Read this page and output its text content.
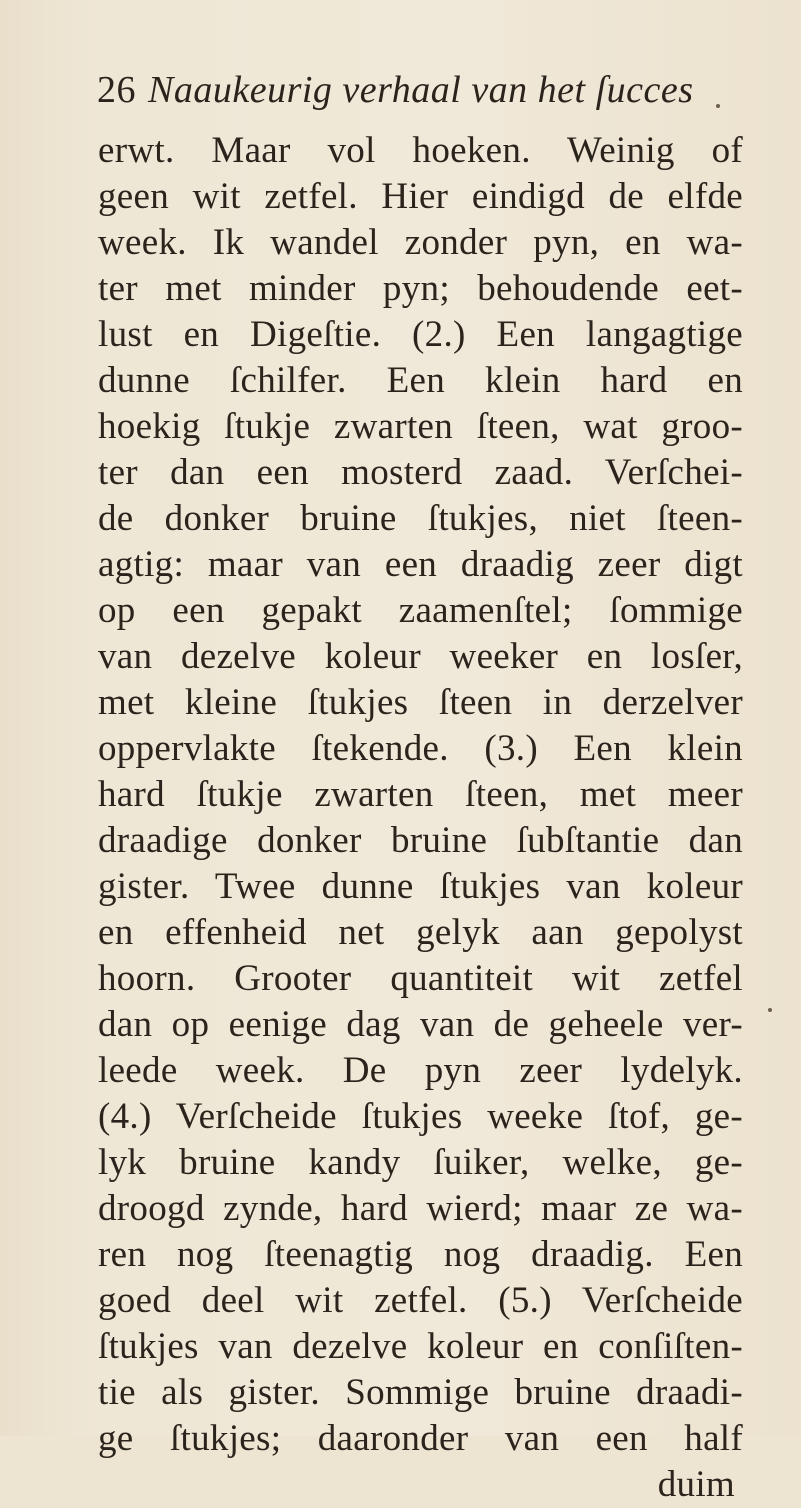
26 Naaukeurig verhaal van het ſucces
erwt. Maar vol hoeken. Weinig of
geen wit zetfel. Hier eindigd de elfde
week. Ik wandel zonder pyn, en wa-
ter met minder pyn; behoudende eet-
lust en Digeſtie. (2.) Een langagtige
dunne ſchilfer. Een klein hard en
hoekig ſtukje zwarten ſteen, wat groo-
ter dan een mosterd zaad. Verſchei-
de donker bruine ſtukjes, niet ſteen-
agtig: maar van een draadig zeer digt
op een gepakt zaamenſtel; ſommige
van dezelve koleur weeker en losſer,
met kleine ſtukjes ſteen in derzelver
oppervlakte ſtekende. (3.) Een klein
hard ſtukje zwarten ſteen, met meer
draadige donker bruine ſubſtantie dan
gister. Twee dunne ſtukjes van koleur
en effenheid net gelyk aan gepolyst
hoorn. Grooter quantiteit wit zetfel
dan op eenige dag van de geheele ver-
leede week. De pyn zeer lydelyk.
(4.) Verſcheide ſtukjes weeke ſtof, ge-
lyk bruine kandy ſuiker, welke, ge-
droogd zynde, hard wierd; maar ze wa-
ren nog ſteenagtig nog draadig. Een
goed deel wit zetfel. (5.) Verſcheide
ſtukjes van dezelve koleur en conſiſten-
tie als gister. Sommige bruine draadi-
ge ſtukjes; daaronder van een half
duim
